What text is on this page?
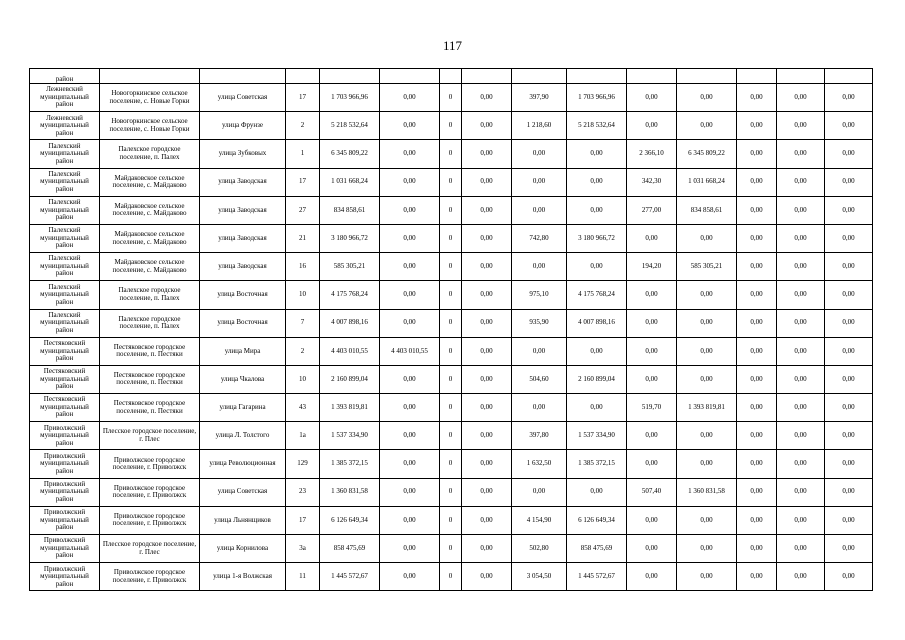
117
район														
Лежневский муниципальный район	Новогоркинское сельское поселение, с. Новые Горки	улица Советская	17	1 703 966,96	0,00	0	0,00	397,90	1 703 966,96	0,00	0,00	0,00	0,00	0,00
Лежневский муниципальный район	Новогоркинское сельское поселение, с. Новые Горки	улица Фрунзе	2	5 218 532,64	0,00	0	0,00	1 218,60	5 218 532,64	0,00	0,00	0,00	0,00	0,00
Палехский муниципальный район	Палехское городское поселение, п. Палех	улица Зубковых	1	6 345 809,22	0,00	0	0,00	0,00	0,00	2 366,10	6 345 809,22	0,00	0,00	0,00
Палехский муниципальный район	Майдаковское сельское поселение, с. Майдаково	улица Заводская	17	1 031 668,24	0,00	0	0,00	0,00	0,00	342,30	1 031 668,24	0,00	0,00	0,00
Палехский муниципальный район	Майдаковское сельское поселение, с. Майдаково	улица Заводская	27	834 858,61	0,00	0	0,00	0,00	0,00	277,00	834 858,61	0,00	0,00	0,00
Палехский муниципальный район	Майдаковское сельское поселение, с. Майдаково	улица Заводская	21	3 180 966,72	0,00	0	0,00	742,80	3 180 966,72	0,00	0,00	0,00	0,00	0,00
Палехский муниципальный район	Майдаковское сельское поселение, с. Майдаково	улица Заводская	16	585 305,21	0,00	0	0,00	0,00	0,00	194,20	585 305,21	0,00	0,00	0,00
Палехский муниципальный район	Палехское городское поселение, п. Палех	улица Восточная	10	4 175 768,24	0,00	0	0,00	975,10	4 175 768,24	0,00	0,00	0,00	0,00	0,00
Палехский муниципальный район	Палехское городское поселение, п. Палех	улица Восточная	7	4 007 898,16	0,00	0	0,00	935,90	4 007 898,16	0,00	0,00	0,00	0,00	0,00
Пестяковский муниципальный район	Пестяковское городское поселение, п. Пестяки	улица Мира	2	4 403 010,55	4 403 010,55	0	0,00	0,00	0,00	0,00	0,00	0,00	0,00	0,00
Пестяковский муниципальный район	Пестяковское городское поселение, п. Пестяки	улица Чкалова	10	2 160 899,04	0,00	0	0,00	504,60	2 160 899,04	0,00	0,00	0,00	0,00	0,00
Пестяковский муниципальный район	Пестяковское городское поселение, п. Пестяки	улица Гагарина	43	1 393 819,81	0,00	0	0,00	0,00	0,00	519,70	1 393 819,81	0,00	0,00	0,00
Приволжский муниципальный район	Плесское городское поселение, г. Плес	улица Л. Толстого	1а	1 537 334,90	0,00	0	0,00	397,80	1 537 334,90	0,00	0,00	0,00	0,00	0,00
Приволжский муниципальный район	Приволжское городское поселение, г. Приволжск	улица Революционная	129	1 385 372,15	0,00	0	0,00	1 632,50	1 385 372,15	0,00	0,00	0,00	0,00	0,00
Приволжский муниципальный район	Приволжское городское поселение, г. Приволжск	улица Советская	23	1 360 831,58	0,00	0	0,00	0,00	0,00	507,40	1 360 831,58	0,00	0,00	0,00
Приволжский муниципальный район	Приволжское городское поселение, г. Приволжск	улица Льнянщиков	17	6 126 649,34	0,00	0	0,00	4 154,90	6 126 649,34	0,00	0,00	0,00	0,00	0,00
Приволжский муниципальный район	Плесское городское поселение, г. Плес	улица Корнилова	3а	858 475,69	0,00	0	0,00	502,80	858 475,69	0,00	0,00	0,00	0,00	0,00
Приволжский муниципальный район	Приволжское городское поселение, г. Приволжск	улица 1-я Волжская	11	1 445 572,67	0,00	0	0,00	3 054,50	1 445 572,67	0,00	0,00	0,00	0,00	0,00
